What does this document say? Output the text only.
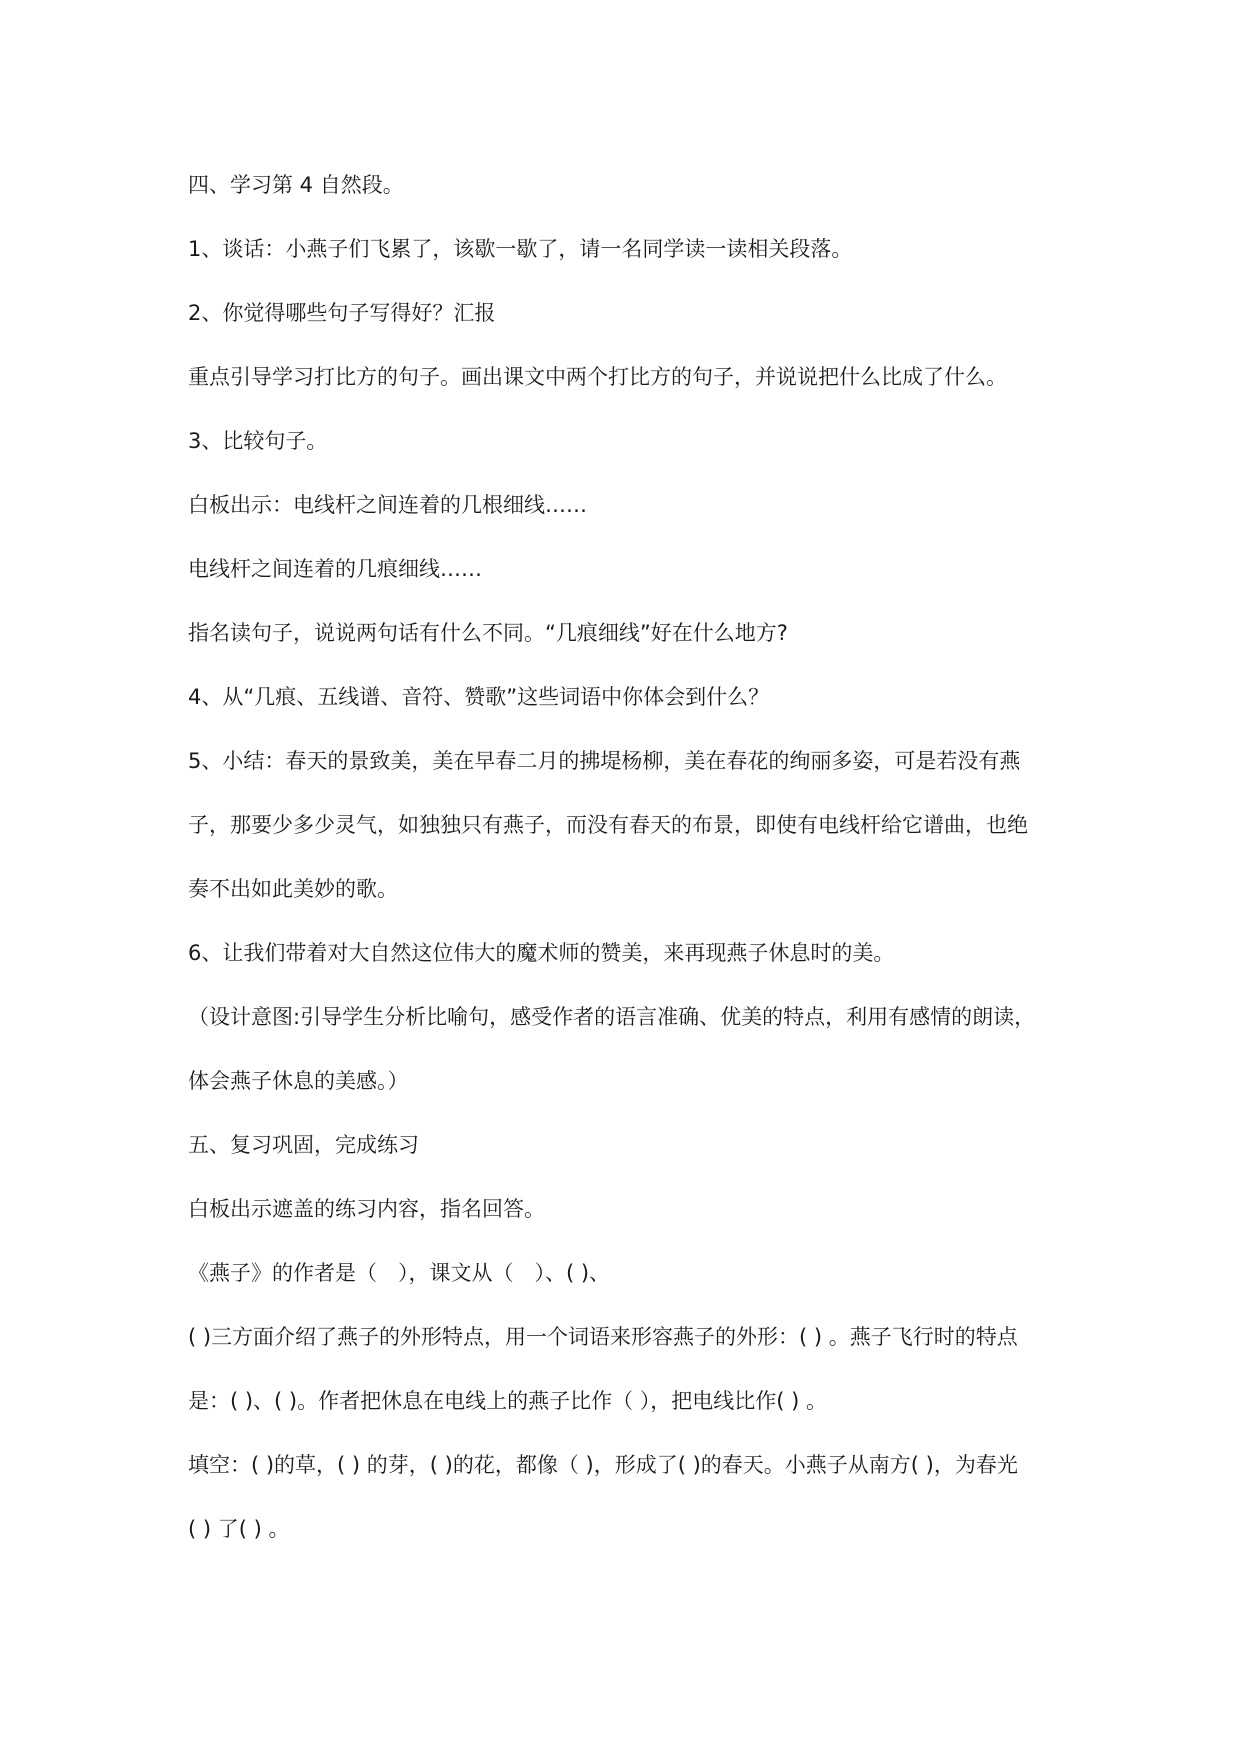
四、学习第 4 自然段。
1、谈话：小燕子们飞累了，该歇一歇了，请一名同学读一读相关段落。
2、你觉得哪些句子写得好？汇报
重点引导学习打比方的句子。画出课文中两个打比方的句子，并说说把什么比成了什么。
3、比较句子。
白板出示：电线杆之间连着的几根细线……
电线杆之间连着的几痕细线……
指名读句子，说说两句话有什么不同。“几痕细线”好在什么地方?
4、从“几痕、五线谱、音符、赞歌”这些词语中你体会到什么？
5、小结：春天的景致美，美在早春二月的拂堤杨柳，美在春花的绚丽多姿，可是若没有燕
子，那要少多少灵气，如独独只有燕子，而没有春天的布景，即使有电线杆给它谱曲，也绝
奏不出如此美妙的歌。
6、让我们带着对大自然这位伟大的魔术师的赞美，来再现燕子休息时的美。
（设计意图:引导学生分析比喻句，感受作者的语言准确、优美的特点，利用有感情的朗读，
体会燕子休息的美感。）
五、复习巩固，完成练习
白板出示遮盖的练习内容，指名回答。
《燕子》的作者是（　），课文从（　）、( )、
( )三方面介绍了燕子的外形特点，用一个词语来形容燕子的外形：( ) 。燕子飞行时的特点
是：( )、( )。作者把休息在电线上的燕子比作（ ），把电线比作( ) 。
填空：( )的草，( ) 的芽，( )的花，都像（ )，形成了( )的春天。小燕子从南方( )，为春光
( ) 了( ) 。
